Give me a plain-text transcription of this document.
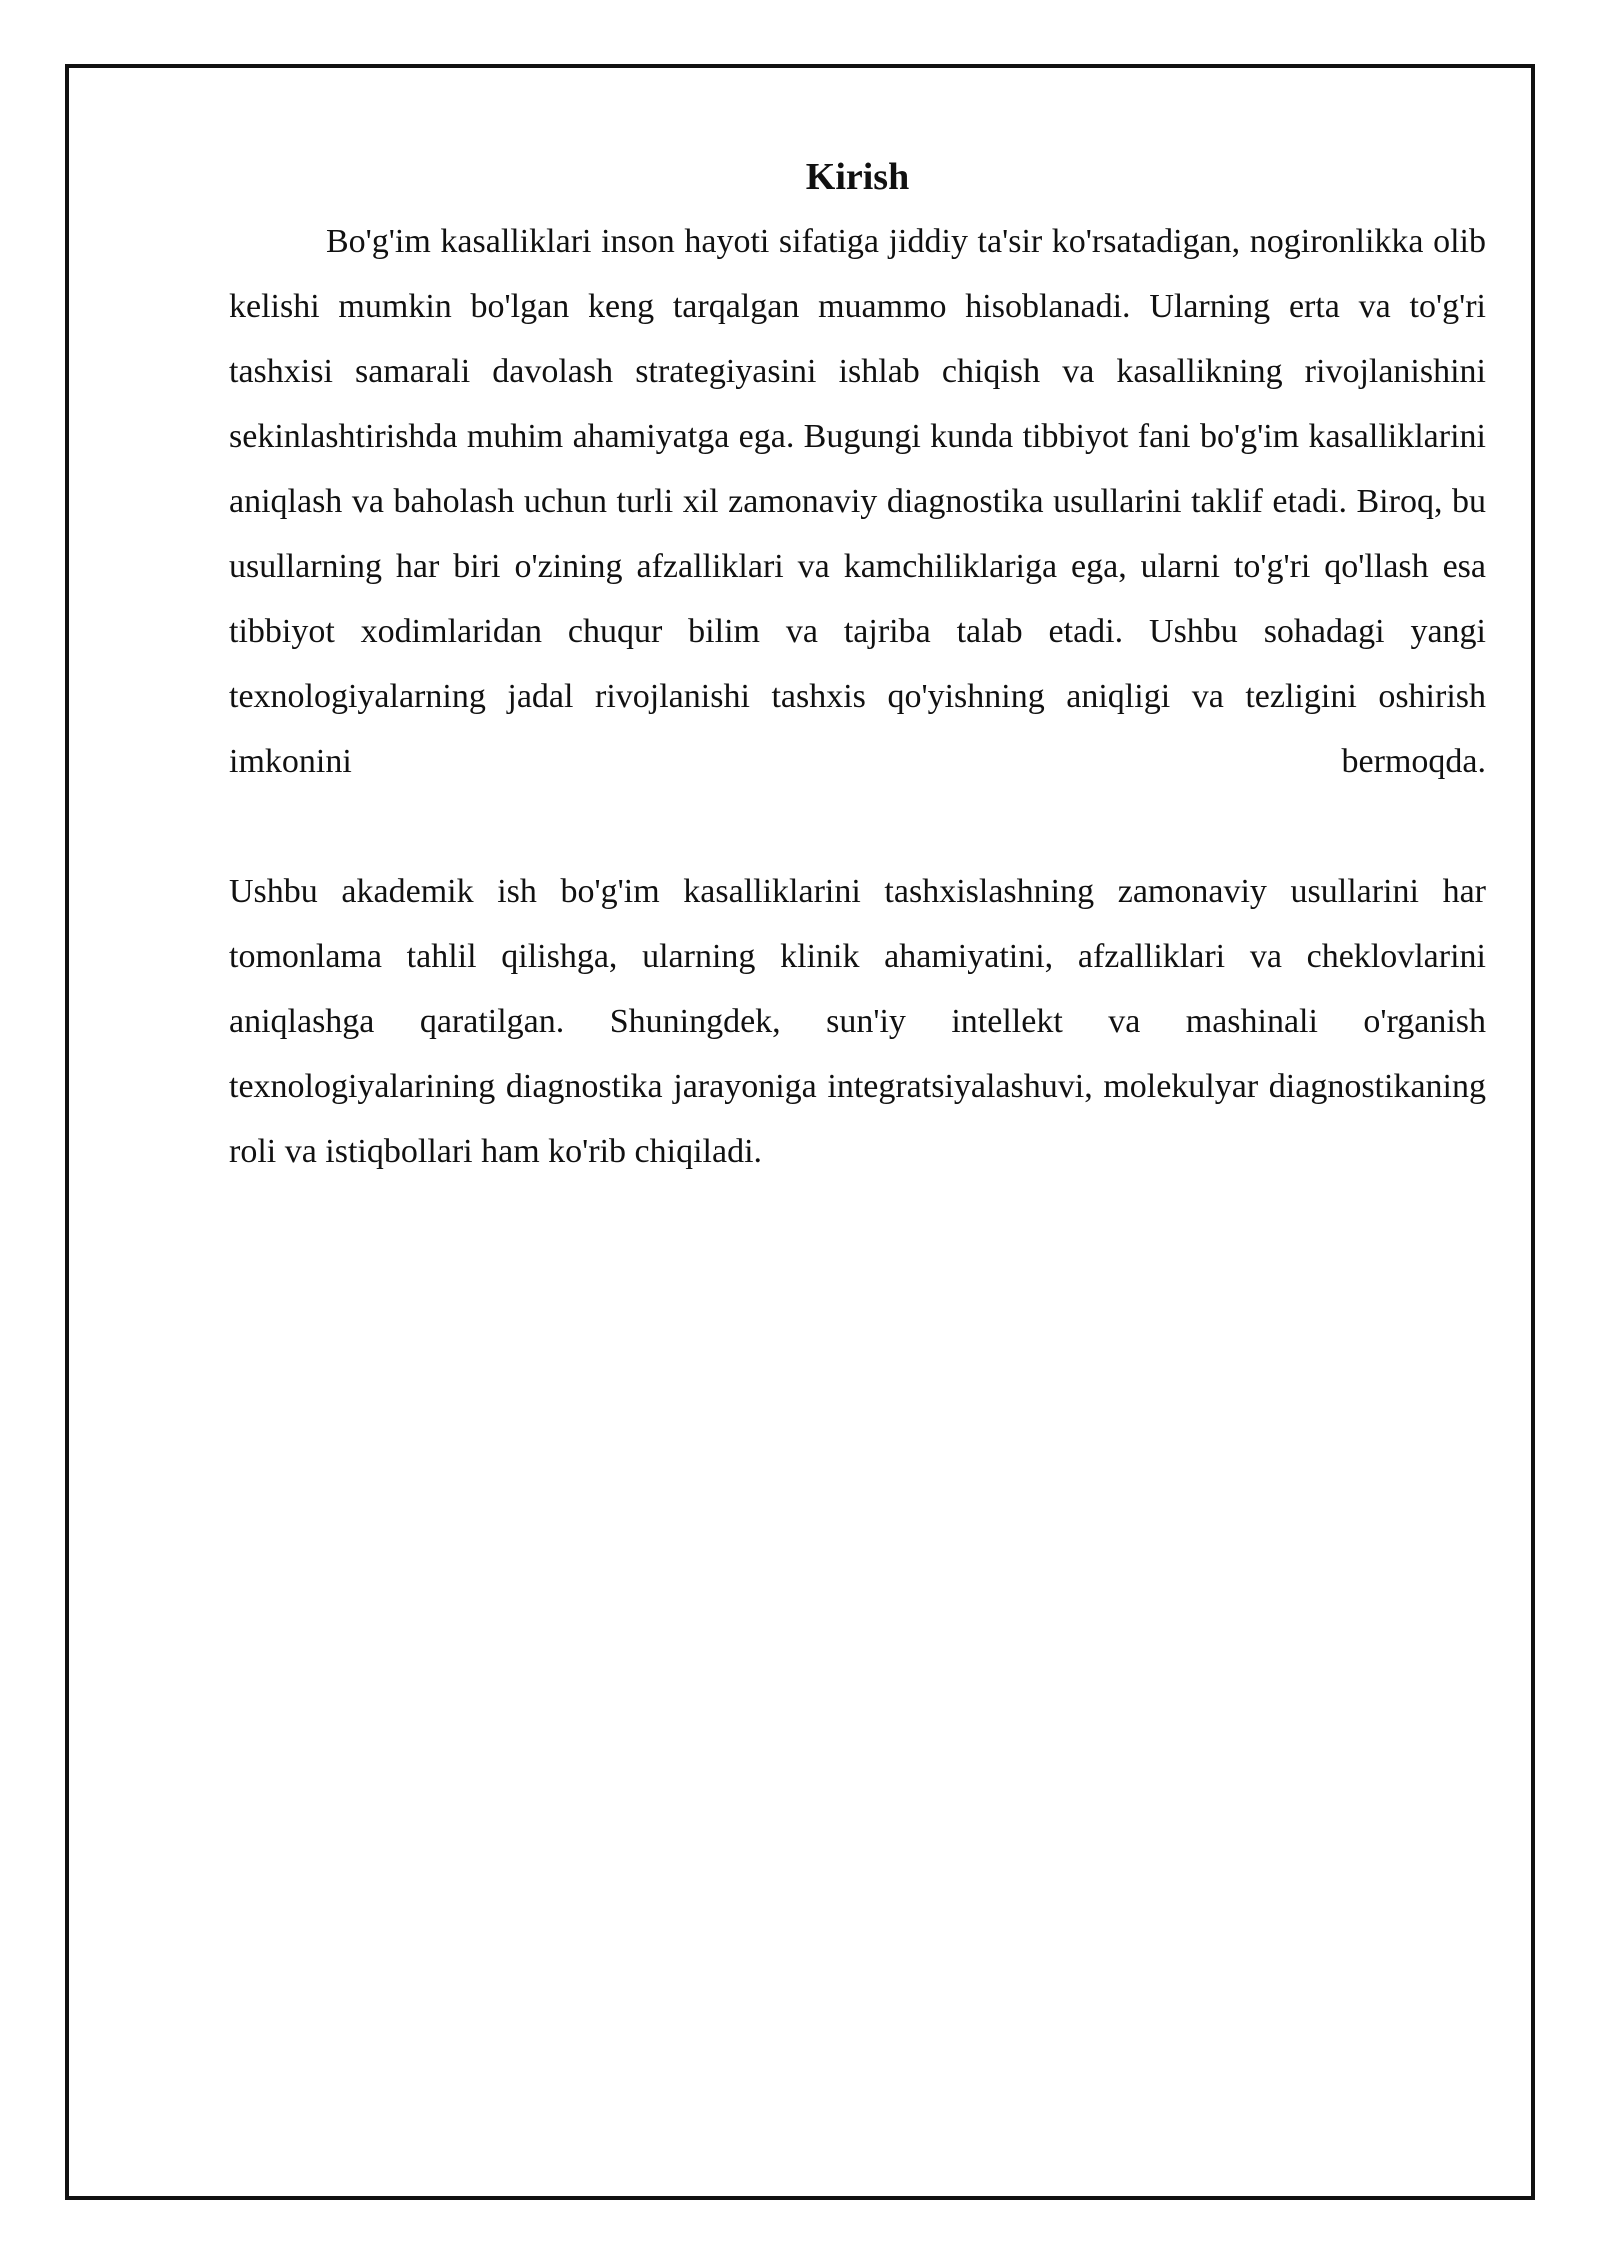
Kirish

Bo'g'im kasalliklari inson hayoti sifatiga jiddiy ta'sir ko'rsatadigan, nogironlikka olib kelishi mumkin bo'lgan keng tarqalgan muammo hisoblanadi. Ularning erta va to'g'ri tashxisi samarali davolash strategiyasini ishlab chiqish va kasallikning rivojlanishini sekinlashtirishda muhim ahamiyatga ega. Bugungi kunda tibbiyot fani bo'g'im kasalliklarini aniqlash va baholash uchun turli xil zamonaviy diagnostika usullarini taklif etadi. Biroq, bu usullarning har biri o'zining afzalliklari va kamchiliklariga ega, ularni to'g'ri qo'llash esa tibbiyot xodimlaridan chuqur bilim va tajriba talab etadi. Ushbu sohadagi yangi texnologiyalarning jadal rivojlanishi tashxis qo'yishning aniqligi va tezligini oshirish imkonini bermoqda.

Ushbu akademik ish bo'g'im kasalliklarini tashxislashning zamonaviy usullarini har tomonlama tahlil qilishga, ularning klinik ahamiyatini, afzalliklari va cheklovlarini aniqlashga qaratilgan. Shuningdek, sun'iy intellekt va mashinali o'rganish texnologiyalarining diagnostika jarayoniga integratsiyalashuvi, molekulyar diagnostikaning roli va istiqbollari ham ko'rib chiqiladi.
